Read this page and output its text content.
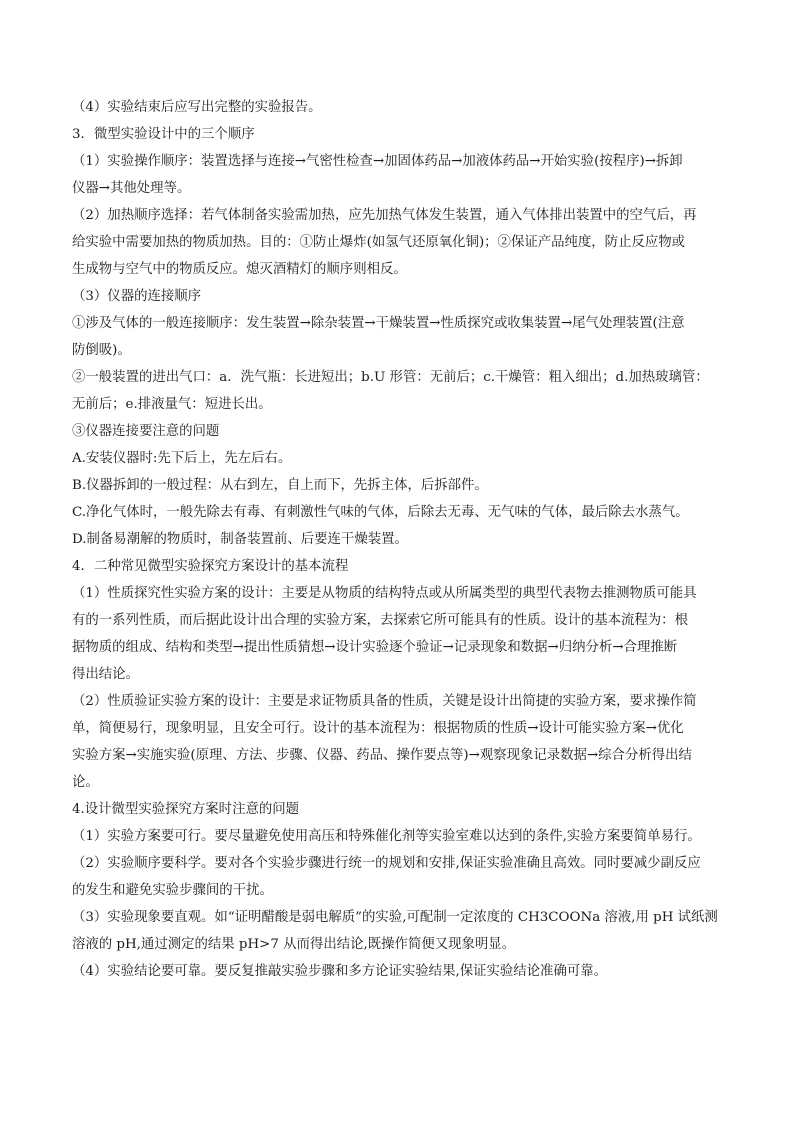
（4）实验结束后应写出完整的实验报告。
3．微型实验设计中的三个顺序
（1）实验操作顺序：装置选择与连接→气密性检查→加固体药品→加液体药品→开始实验(按程序)→拆卸
仪器→其他处理等。
（2）加热顺序选择：若气体制备实验需加热，应先加热气体发生装置，通入气体排出装置中的空气后，再
给实验中需要加热的物质加热。目的：①防止爆炸(如氢气还原氧化铜)；②保证产品纯度，防止反应物或
生成物与空气中的物质反应。熄灭酒精灯的顺序则相反。
（3）仪器的连接顺序
①涉及气体的一般连接顺序：发生装置→除杂装置→干燥装置→性质探究或收集装置→尾气处理装置(注意
防倒吸)。
②一般装置的进出气口：a．洗气瓶：长进短出；b.U 形管：无前后；c.干燥管：粗入细出；d.加热玻璃管：
无前后；e.排液量气：短进长出。
③仪器连接要注意的问题
A.安装仪器时:先下后上，先左后右。
B.仪器拆卸的一般过程：从右到左，自上而下，先拆主体，后拆部件。
C.净化气体时，一般先除去有毒、有刺激性气味的气体，后除去无毒、无气味的气体，最后除去水蒸气。
D.制备易潮解的物质时，制备装置前、后要连干燥装置。
4．二种常见微型实验探究方案设计的基本流程
（1）性质探究性实验方案的设计：主要是从物质的结构特点或从所属类型的典型代表物去推测物质可能具
有的一系列性质，而后据此设计出合理的实验方案，去探索它所可能具有的性质。设计的基本流程为：根
据物质的组成、结构和类型→提出性质猜想→设计实验逐个验证→记录现象和数据→归纳分析→合理推断
得出结论。
（2）性质验证实验方案的设计：主要是求证物质具备的性质，关键是设计出简捷的实验方案，要求操作简
单，简便易行，现象明显，且安全可行。设计的基本流程为：根据物质的性质→设计可能实验方案→优化
实验方案→实施实验(原理、方法、步骤、仪器、药品、操作要点等)→观察现象记录数据→综合分析得出结
论。
4.设计微型实验探究方案时注意的问题
（1）实验方案要可行。要尽量避免使用高压和特殊催化剂等实验室难以达到的条件,实验方案要简单易行。
（2）实验顺序要科学。要对各个实验步骤进行统一的规划和安排,保证实验准确且高效。同时要减少副反应
的发生和避免实验步骤间的干扰。
（3）实验现象要直观。如“证明醋酸是弱电解质”的实验,可配制一定浓度的 CH3COONa 溶液,用 pH 试纸测
溶液的 pH,通过测定的结果 pH>7 从而得出结论,既操作简便又现象明显。
（4）实验结论要可靠。要反复推敲实验步骤和多方论证实验结果,保证实验结论准确可靠。
